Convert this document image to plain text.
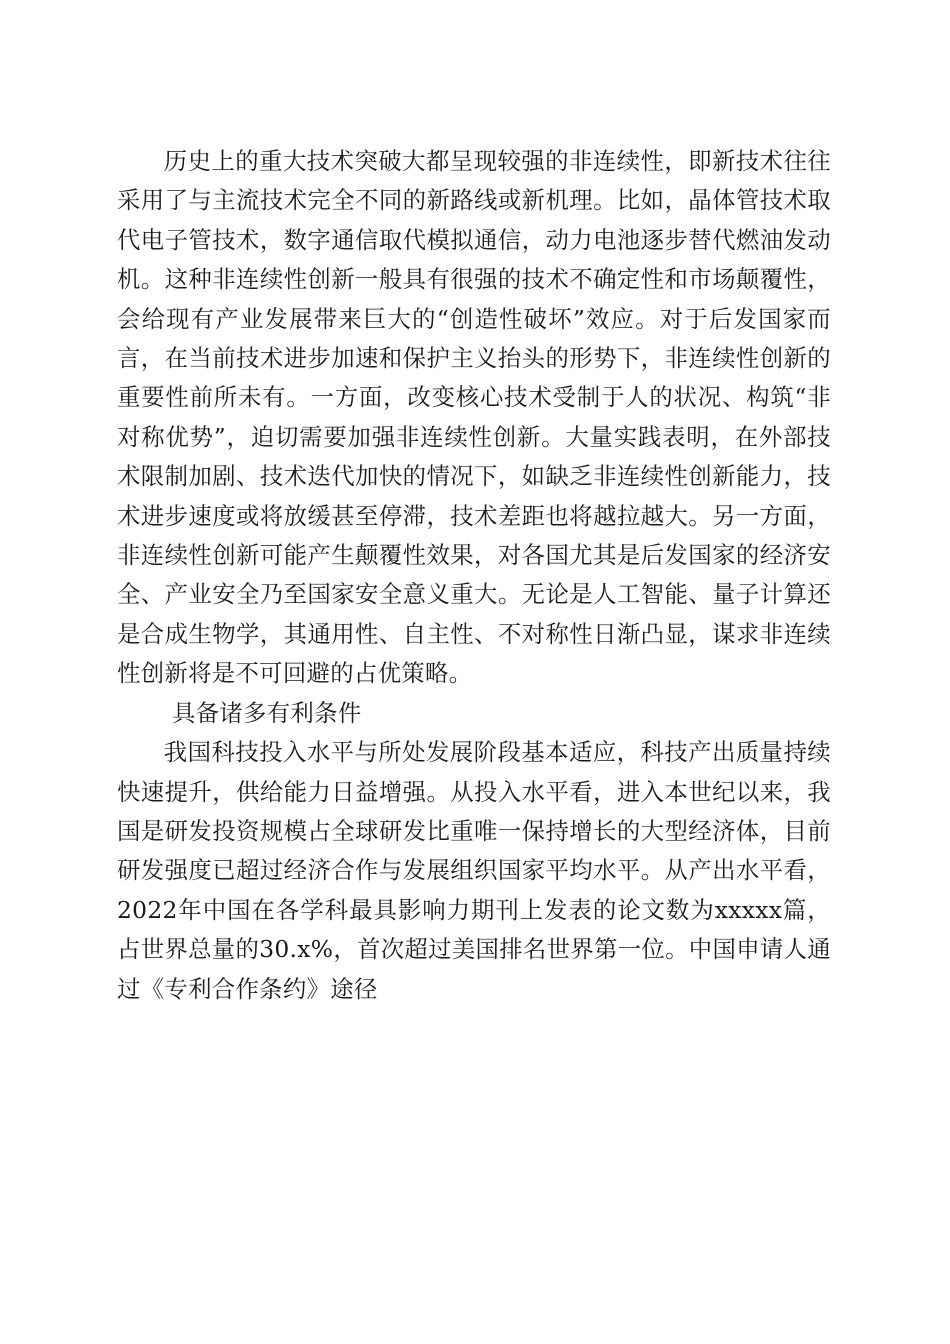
历史上的重大技术突破大都呈现较强的非连续性，即新技术往往采用了与主流技术完全不同的新路线或新机理。比如，晶体管技术取代电子管技术，数字通信取代模拟通信，动力电池逐步替代燃油发动机。这种非连续性创新一般具有很强的技术不确定性和市场颠覆性，会给现有产业发展带来巨大的“创造性破坏”效应。对于后发国家而言，在当前技术进步加速和保护主义抬头的形势下，非连续性创新的重要性前所未有。一方面，改变核心技术受制于人的状况、构筑“非对称优势”，迫切需要加强非连续性创新。大量实践表明，在外部技术限制加剧、技术迭代加快的情况下，如缺乏非连续性创新能力，技术进步速度或将放缓甚至停滞，技术差距也将越拉越大。另一方面，非连续性创新可能产生颠覆性效果，对各国尤其是后发国家的经济安全、产业安全乃至国家安全意义重大。无论是人工智能、量子计算还是合成生物学，其通用性、自主性、不对称性日渐凸显，谋求非连续性创新将是不可回避的占优策略。

具备诸多有利条件

我国科技投入水平与所处发展阶段基本适应，科技产出质量持续快速提升，供给能力日益增强。从投入水平看，进入本世纪以来，我国是研发投资规模占全球研发比重唯一保持增长的大型经济体，目前研发强度已超过经济合作与发展组织国家平均水平。从产出水平看，2022年中国在各学科最具影响力期刊上发表的论文数为xxxxx篇，占世界总量的30.x%，首次超过美国排名世界第一位。中国申请人通过《专利合作条约》途径
